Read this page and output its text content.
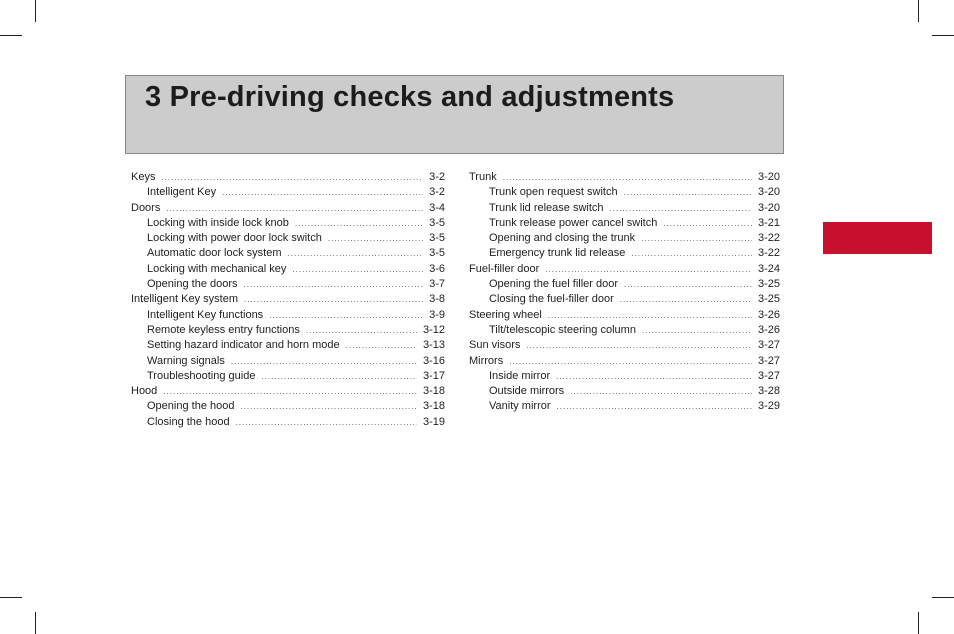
3 Pre-driving checks and adjustments
Keys .....	3-2
Intelligent Key .....	3-2
Doors .....	3-4
Locking with inside lock knob .....	3-5
Locking with power door lock switch .....	3-5
Automatic door lock system .....	3-5
Locking with mechanical key .....	3-6
Opening the doors .....	3-7
Intelligent Key system .....	3-8
Intelligent Key functions .....	3-9
Remote keyless entry functions .....	3-12
Setting hazard indicator and horn mode .....	3-13
Warning signals .....	3-16
Troubleshooting guide .....	3-17
Hood .....	3-18
Opening the hood .....	3-18
Closing the hood .....	3-19
Trunk .....	3-20
Trunk open request switch .....	3-20
Trunk lid release switch .....	3-20
Trunk release power cancel switch .....	3-21
Opening and closing the trunk .....	3-22
Emergency trunk lid release .....	3-22
Fuel-filler door .....	3-24
Opening the fuel filler door .....	3-25
Closing the fuel-filler door .....	3-25
Steering wheel .....	3-26
Tilt/telescopic steering column .....	3-26
Sun visors .....	3-27
Mirrors .....	3-27
Inside mirror .....	3-27
Outside mirrors .....	3-28
Vanity mirror .....	3-29
